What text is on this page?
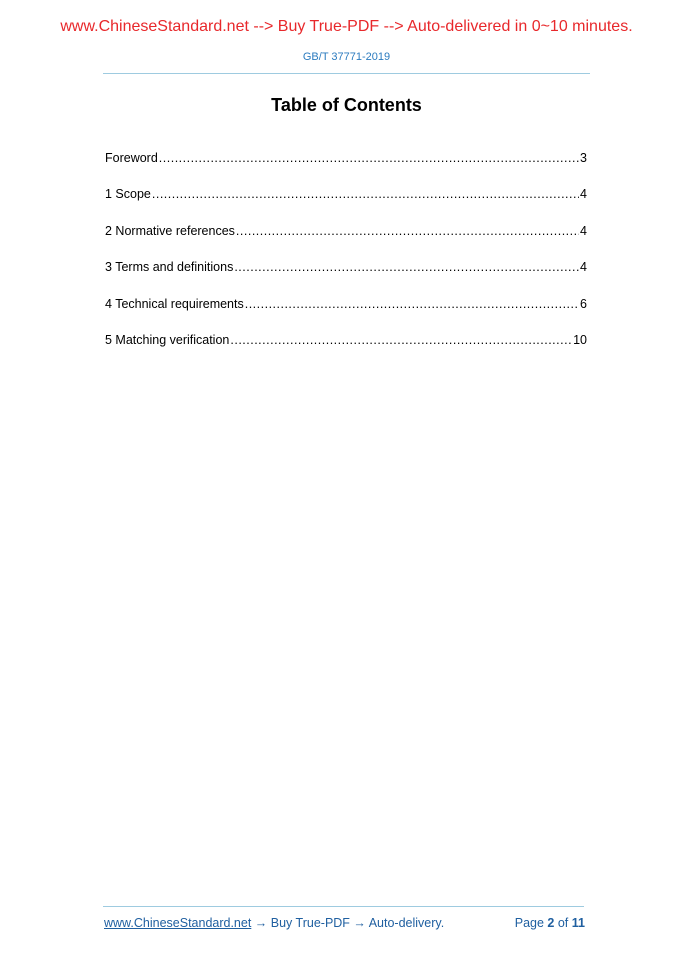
www.ChineseStandard.net --> Buy True-PDF --> Auto-delivered in 0~10 minutes.
GB/T 37771-2019
Table of Contents
Foreword .....	3
1 Scope .....	4
2 Normative references .....	4
3 Terms and definitions .....	4
4 Technical requirements .....	6
5 Matching verification .....	10
www.ChineseStandard.net → Buy True-PDF → Auto-delivery.	Page 2 of 11
